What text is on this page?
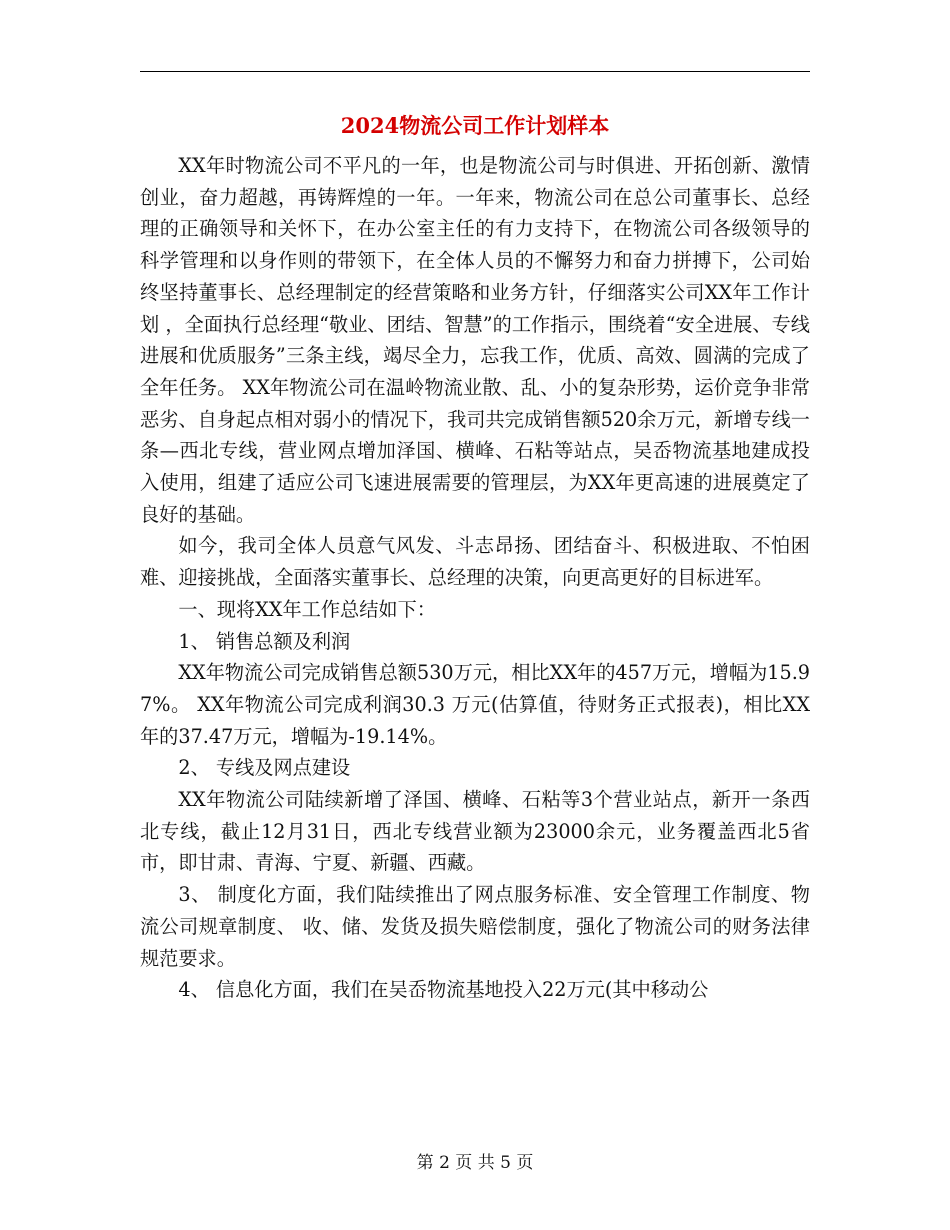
2024物流公司工作计划样本

XX年时物流公司不平凡的一年，也是物流公司与时俱进、开拓创新、激情创业，奋力超越，再铸辉煌的一年。一年来，物流公司在总公司董事长、总经理的正确领导和关怀下，在办公室主任的有力支持下，在物流公司各级领导的科学管理和以身作则的带领下，在全体人员的不懈努力和奋力拼搏下，公司始终坚持董事长、总经理制定的经营策略和业务方针，仔细落实公司XX年工作计划 ，全面执行总经理“敬业、团结、智慧”的工作指示，围绕着“安全进展、专线进展和优质服务”三条主线，竭尽全力，忘我工作，优质、高效、圆满的完成了全年任务。 XX年物流公司在温岭物流业散、乱、小的复杂形势，运价竞争非常恶劣、自身起点相对弱小的情况下，我司共完成销售额520余万元，新增专线一条—西北专线，营业网点增加泽国、横峰、石粘等站点，吴岙物流基地建成投入使用，组建了适应公司飞速进展需要的管理层，为XX年更高速的进展奠定了良好的基础。

如今，我司全体人员意气风发、斗志昂扬、团结奋斗、积极进取、不怕困难、迎接挑战，全面落实董事长、总经理的决策，向更高更好的目标进军。

一、现将XX年工作总结如下：

1、 销售总额及利润

XX年物流公司完成销售总额530万元，相比XX年的457万元，增幅为15.97%。 XX年物流公司完成利润30.3 万元(估算值，待财务正式报表)，相比XX年的37.47万元，增幅为-19.14%。

2、 专线及网点建设

XX年物流公司陆续新增了泽国、横峰、石粘等3个营业站点，新开一条西北专线，截止12月31日，西北专线营业额为23000余元，业务覆盖西北5省市，即甘肃、青海、宁夏、新疆、西藏。

3、 制度化方面，我们陆续推出了网点服务标准、安全管理工作制度、物流公司规章制度、 收、储、发货及损失赔偿制度，强化了物流公司的财务法律规范要求。

4、 信息化方面，我们在吴岙物流基地投入22万元(其中移动公

第 2 页 共 5 页
